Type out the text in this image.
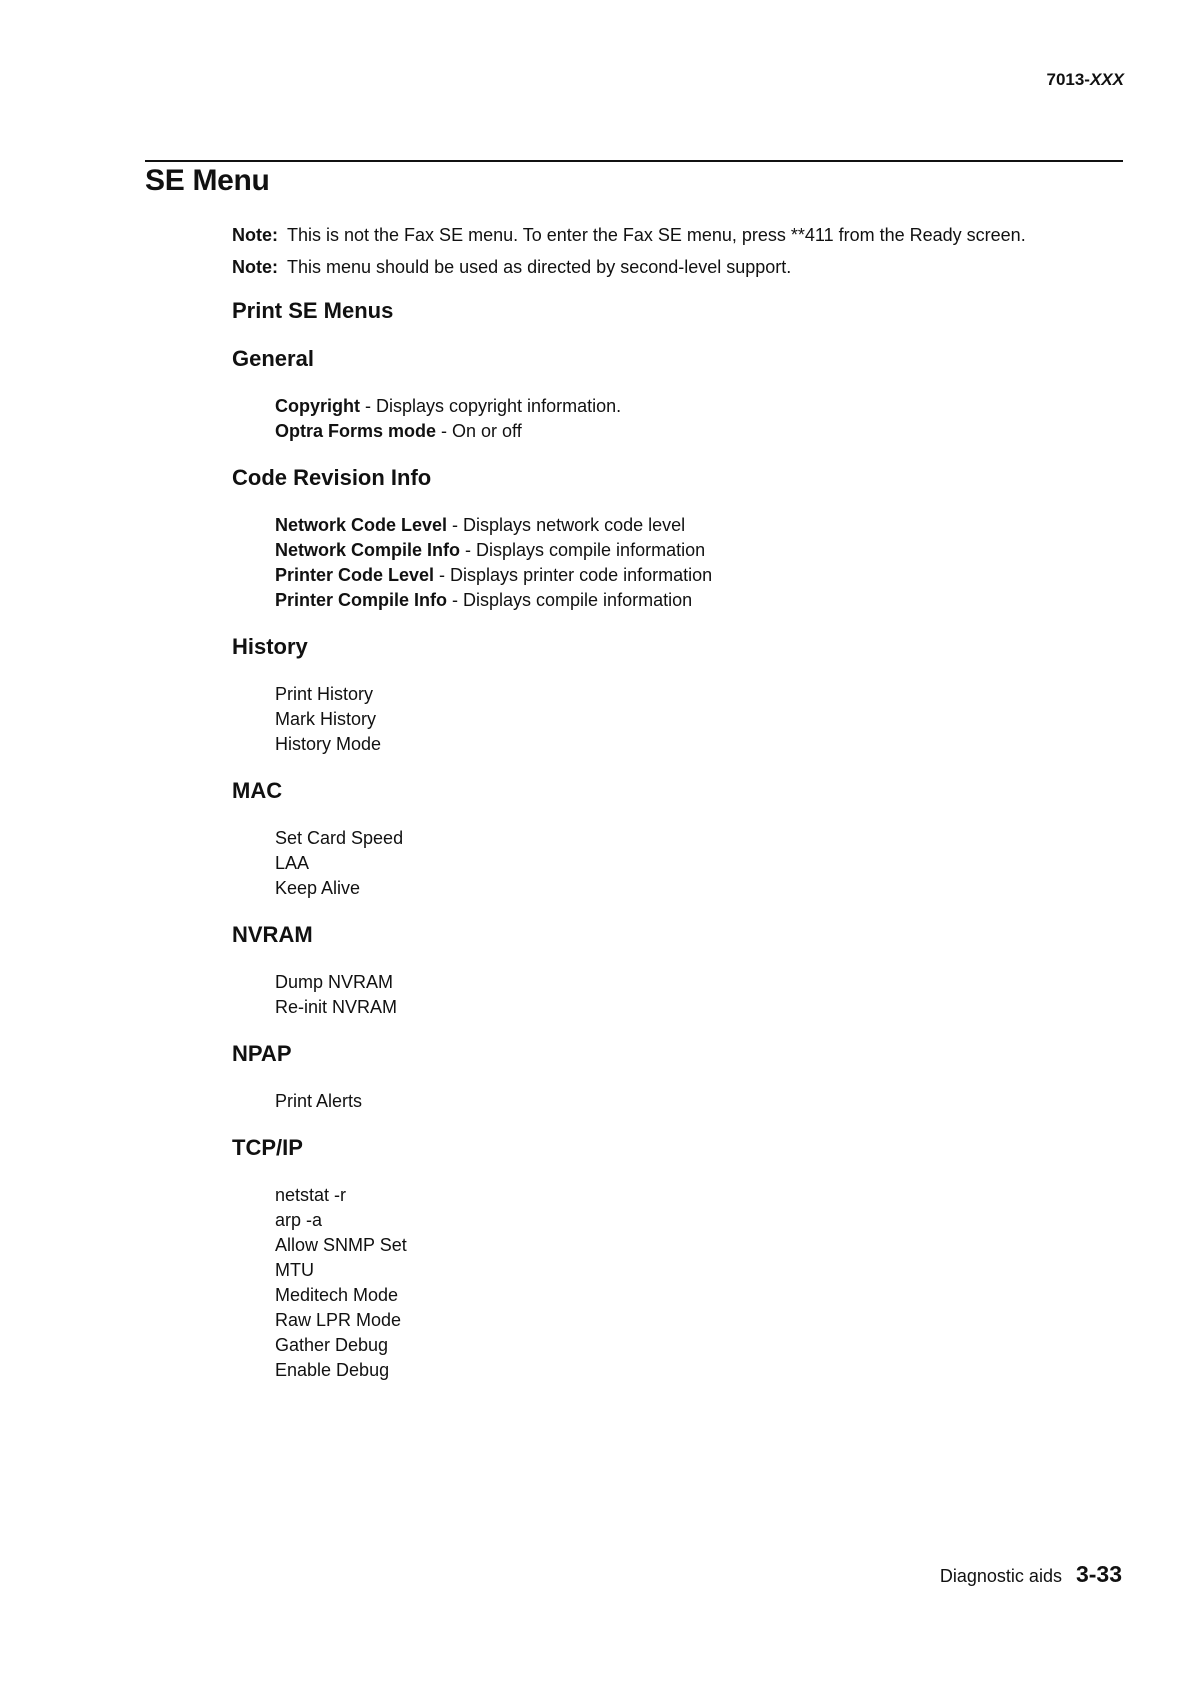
7013-XXX
SE Menu

Note: This is not the Fax SE menu. To enter the Fax SE menu, press **411 from the Ready screen.

Note: This menu should be used as directed by second-level support.

Print SE Menus
General
Copyright - Displays copyright information.
Optra Forms mode - On or off
Code Revision Info
Network Code Level - Displays network code level
Network Compile Info - Displays compile information
Printer Code Level - Displays printer code information
Printer Compile Info - Displays compile information
History
Print History
Mark History
History Mode
MAC
Set Card Speed
LAA
Keep Alive
NVRAM
Dump NVRAM
Re-init NVRAM
NPAP
Print Alerts
TCP/IP
netstat -r
arp -a
Allow SNMP Set
MTU
Meditech Mode
Raw LPR Mode
Gather Debug
Enable Debug
Diagnostic aids 3-33
